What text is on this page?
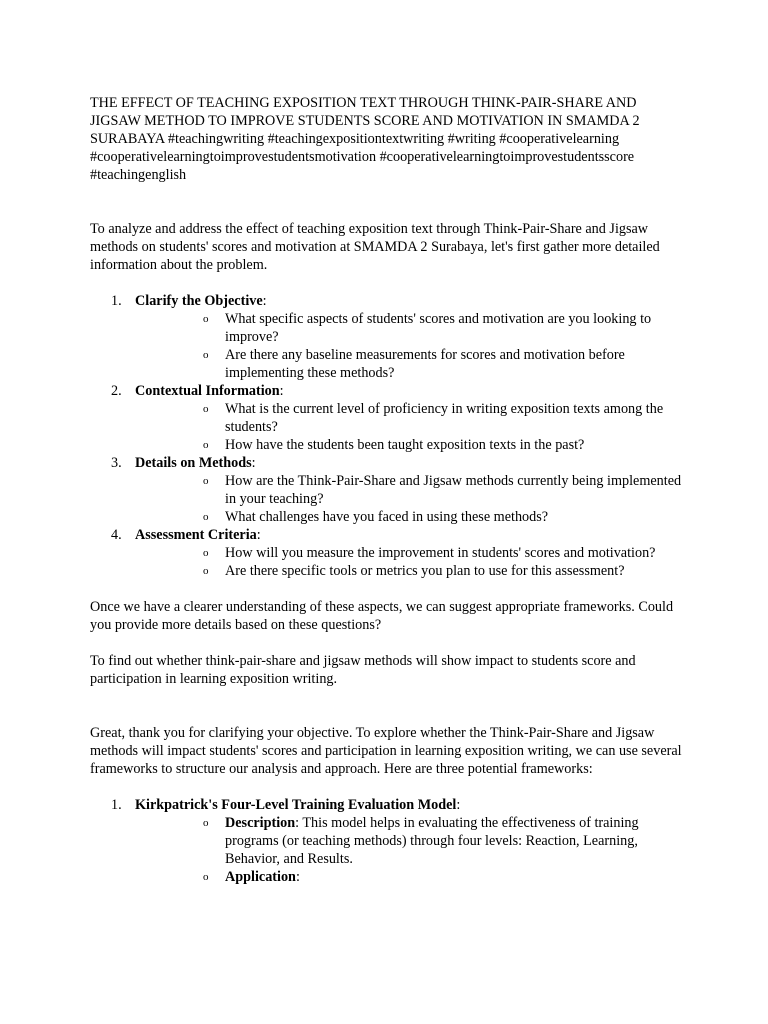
THE EFFECT OF TEACHING EXPOSITION TEXT THROUGH THINK-PAIR-SHARE AND JIGSAW METHOD TO IMPROVE STUDENTS SCORE AND MOTIVATION IN SMAMDA 2 SURABAYA #teachingwriting #teachingexpositiontextwriting #writing #cooperativelearning #cooperativelearningtoimprovestudentsmotivation #cooperativelearningtoimprovestudentsscore #teachingenglish

To analyze and address the effect of teaching exposition text through Think-Pair-Share and Jigsaw methods on students' scores and motivation at SMAMDA 2 Surabaya, let's first gather more detailed information about the problem.

1. Clarify the Objective:
o What specific aspects of students' scores and motivation are you looking to improve?
o Are there any baseline measurements for scores and motivation before implementing these methods?
2. Contextual Information:
o What is the current level of proficiency in writing exposition texts among the students?
o How have the students been taught exposition texts in the past?
3. Details on Methods:
o How are the Think-Pair-Share and Jigsaw methods currently being implemented in your teaching?
o What challenges have you faced in using these methods?
4. Assessment Criteria:
o How will you measure the improvement in students' scores and motivation?
o Are there specific tools or metrics you plan to use for this assessment?

Once we have a clearer understanding of these aspects, we can suggest appropriate frameworks. Could you provide more details based on these questions?

To find out whether think-pair-share and jigsaw methods will show impact to students score and participation in learning exposition writing.

Great, thank you for clarifying your objective. To explore whether the Think-Pair-Share and Jigsaw methods will impact students' scores and participation in learning exposition writing, we can use several frameworks to structure our analysis and approach. Here are three potential frameworks:

1. Kirkpatrick's Four-Level Training Evaluation Model:
o Description: This model helps in evaluating the effectiveness of training programs (or teaching methods) through four levels: Reaction, Learning, Behavior, and Results.
o Application:
